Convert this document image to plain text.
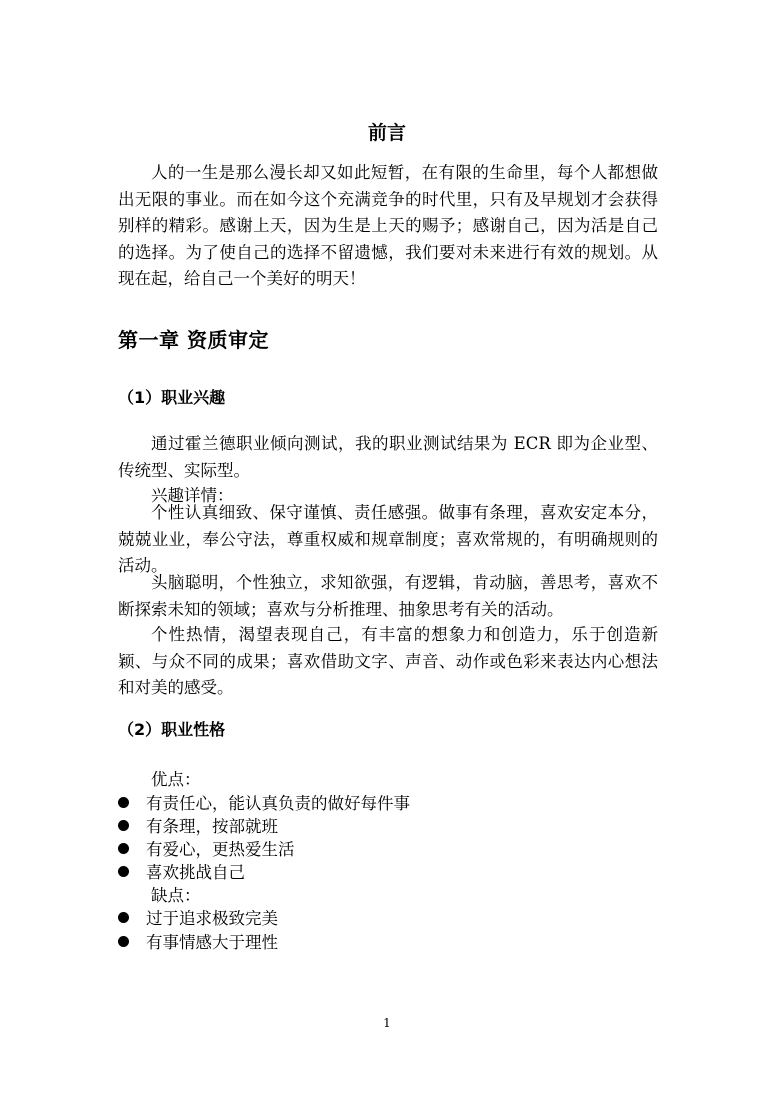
前言

人的一生是那么漫长却又如此短暂，在有限的生命里，每个人都想做出无限的事业。而在如今这个充满竞争的时代里，只有及早规划才会获得别样的精彩。感谢上天，因为生是上天的赐予；感谢自己，因为活是自己的选择。为了使自己的选择不留遗憾，我们要对未来进行有效的规划。从现在起，给自己一个美好的明天！

第一章 资质审定
（1）职业兴趣

通过霍兰德职业倾向测试，我的职业测试结果为 ECR 即为企业型、 传统型、实际型。

兴趣详情：

个性认真细致、保守谨慎、责任感强。做事有条理，喜欢安定本分，兢兢业业，奉公守法，尊重权威和规章制度；喜欢常规的，有明确规则的活动。

头脑聪明，个性独立，求知欲强，有逻辑，肯动脑，善思考，喜欢不断探索未知的领域；喜欢与分析推理、抽象思考有关的活动。

个性热情，渴望表现自己，有丰富的想象力和创造力，乐于创造新颖、与众不同的成果；喜欢借助文字、声音、动作或色彩来表达内心想法和对美的感受。

（2）职业性格
优点：
有责任心，能认真负责的做好每件事
有条理，按部就班
有爱心，更热爱生活
喜欢挑战自己
缺点：
过于追求极致完美
有事情感大于理性
1
